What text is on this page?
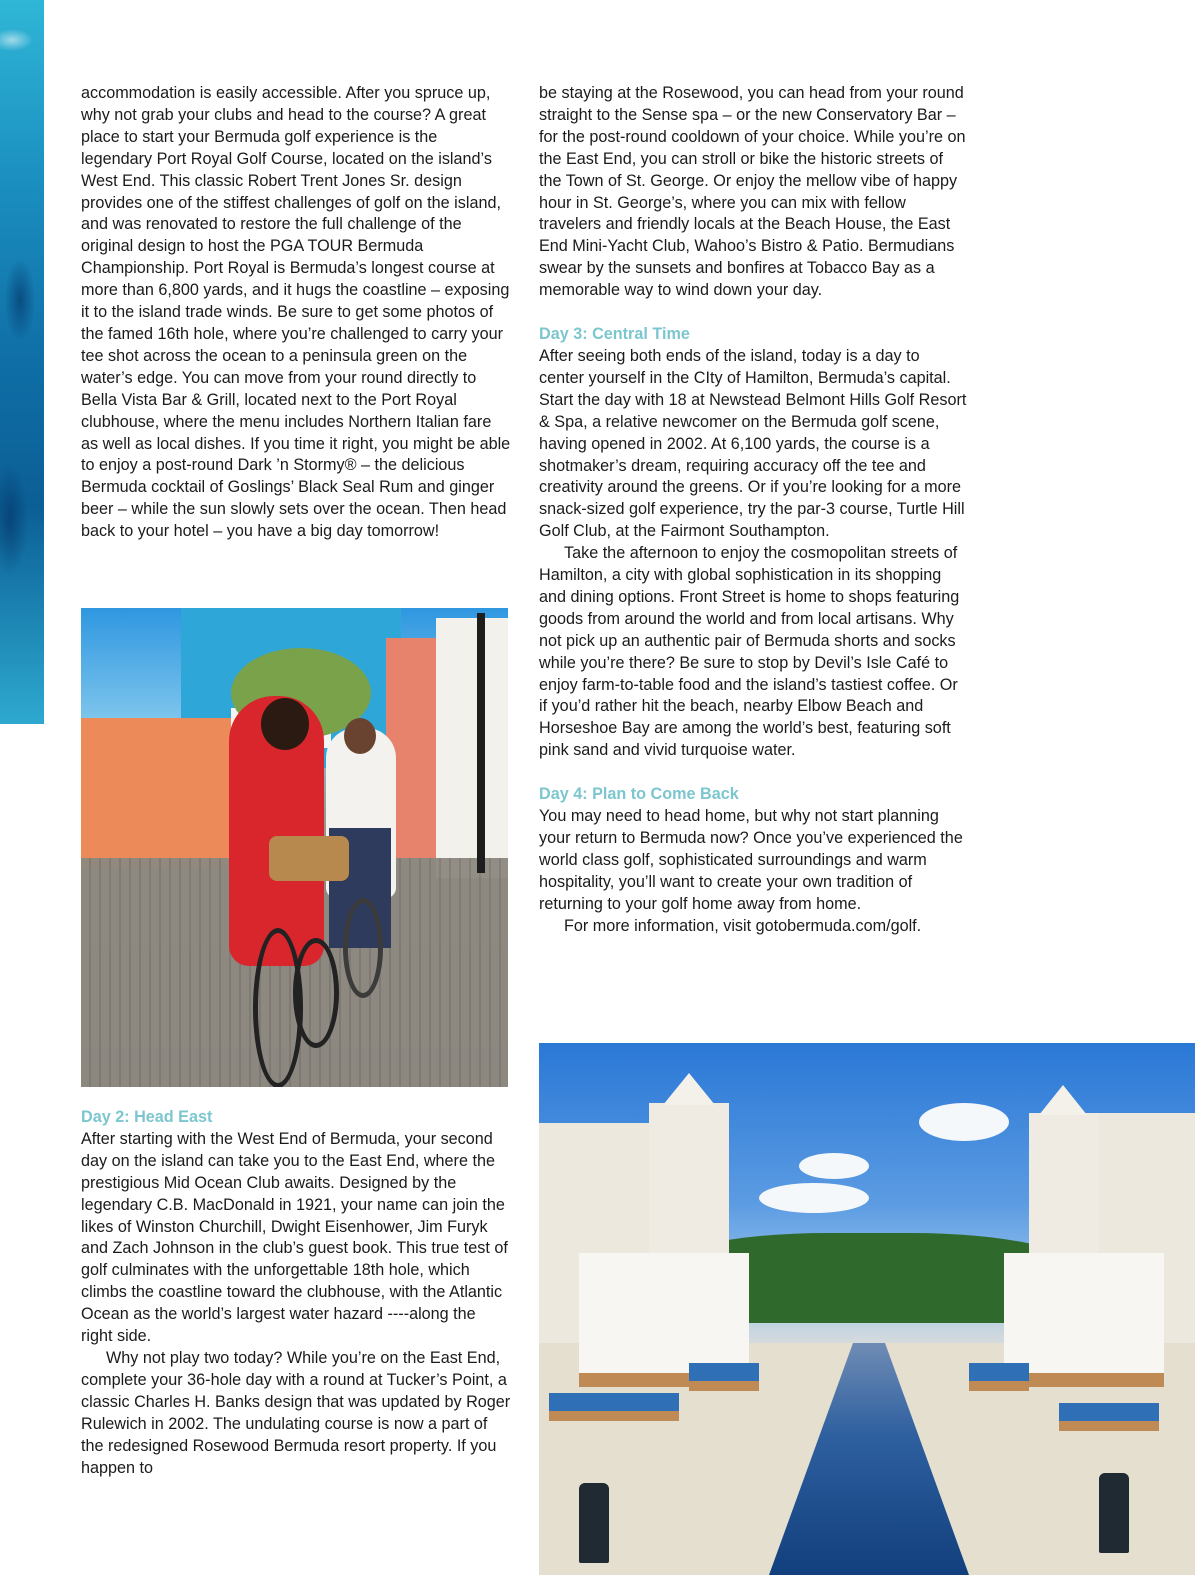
accommodation is easily accessible. After you spruce up, why not grab your clubs and head to the course? A great place to start your Bermuda golf experience is the legendary Port Royal Golf Course, located on the island’s West End. This classic Robert Trent Jones Sr. design provides one of the stiffest challenges of golf on the island, and was renovated to restore the full challenge of the original design to host the PGA TOUR Bermuda Championship. Port Royal is Bermuda’s longest course at more than 6,800 yards, and it hugs the coastline – exposing it to the island trade winds. Be sure to get some photos of the famed 16th hole, where you’re challenged to carry your tee shot across the ocean to a peninsula green on the water’s edge. You can move from your round directly to Bella Vista Bar & Grill, located next to the Port Royal clubhouse, where the menu includes Northern Italian fare as well as local dishes. If you time it right, you might be able to enjoy a post-round Dark ’n Stormy® – the delicious Bermuda cocktail of Goslings’ Black Seal Rum and ginger beer – while the sun slowly sets over the ocean. Then head back to your hotel – you have a big day tomorrow!

Day 2: Head East

After starting with the West End of Bermuda, your second day on the island can take you to the East End, where the prestigious Mid Ocean Club awaits. Designed by the legendary C.B. MacDonald in 1921, your name can join the likes of Winston Churchill, Dwight Eisenhower, Jim Furyk and Zach Johnson in the club’s guest book. This true test of golf culminates with the unforgettable 18th hole, which climbs the coastline toward the clubhouse, with the Atlantic Ocean as the world’s largest water hazard ----along the right side.

Why not play two today? While you’re on the East End, complete your 36-hole day with a round at Tucker’s Point, a classic Charles H. Banks design that was updated by Roger Rulewich in 2002. The undulating course is now a part of the redesigned Rosewood Bermuda resort property. If you happen to

be staying at the Rosewood, you can head from your round straight to the Sense spa – or the new Conservatory Bar – for the post-round cooldown of your choice. While you’re on the East End, you can stroll or bike the historic streets of the Town of St. George. Or enjoy the mellow vibe of happy hour in St. George’s, where you can mix with fellow travelers and friendly locals at the Beach House, the East End Mini-Yacht Club, Wahoo’s Bistro & Patio. Bermudians swear by the sunsets and bonfires at Tobacco Bay as a memorable way to wind down your day.

Day 3: Central Time

After seeing both ends of the island, today is a day to center yourself in the CIty of Hamilton, Bermuda’s capital. Start the day with 18 at Newstead Belmont Hills Golf Resort & Spa, a relative newcomer on the Bermuda golf scene, having opened in 2002. At 6,100 yards, the course is a shotmaker’s dream, requiring accuracy off the tee and creativity around the greens. Or if you’re looking for a more snack-sized golf experience, try the par-3 course, Turtle Hill Golf Club, at the Fairmont Southampton.

Take the afternoon to enjoy the cosmopolitan streets of Hamilton, a city with global sophistication in its shopping and dining options. Front Street is home to shops featuring goods from around the world and from local artisans. Why not pick up an authentic pair of Bermuda shorts and socks while you’re there? Be sure to stop by Devil’s Isle Café to enjoy farm-to-table food and the island’s tastiest coffee. Or if you’d rather hit the beach, nearby Elbow Beach and Horseshoe Bay are among the world’s best, featuring soft pink sand and vivid turquoise water.

Day 4: Plan to Come Back

You may need to head home, but why not start planning your return to Bermuda now? Once you’ve experienced the world class golf, sophisticated surroundings and warm hospitality, you’ll want to create your own tradition of returning to your golf home away from home.

For more information, visit gotobermuda.com/golf.
